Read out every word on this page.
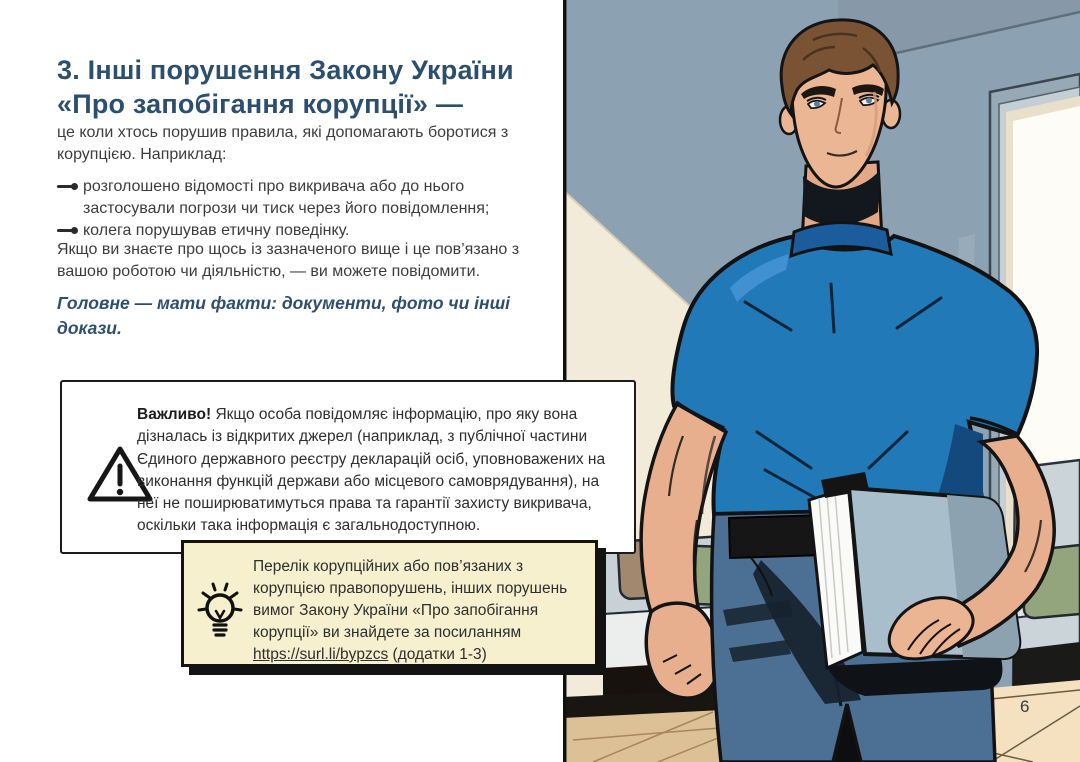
3. Інші порушення Закону України
«Про запобігання корупції» —
це коли хтось порушив правила, які допомагають боротися з корупцією. Наприклад:
розголошено відомості про викривача або до нього застосували погрози чи тиск через його повідомлення;
колега порушував етичну поведінку.
Якщо ви знаєте про щось із зазначеного вище і це пов’язано з вашою роботою чи діяльністю, — ви можете повідомити.
Головне — мати факти: документи, фото чи інші докази.
Важливо! Якщо особа повідомляє інформацію, про яку вона дізналась із відкритих джерел (наприклад, з публічної частини Єдиного державного реєстру декларацій осіб, уповноважених на виконання функцій держави або місцевого самоврядування), на неї не поширюватимуться права та гарантії захисту викривача, оскільки така інформація є загальнодоступною.
Перелік корупційних або пов’язаних з корупцією правопорушень, інших порушень вимог Закону України «Про запобігання корупції» ви знайдете за посиланням https://surl.li/bypzcs (додатки 1-3)
6
